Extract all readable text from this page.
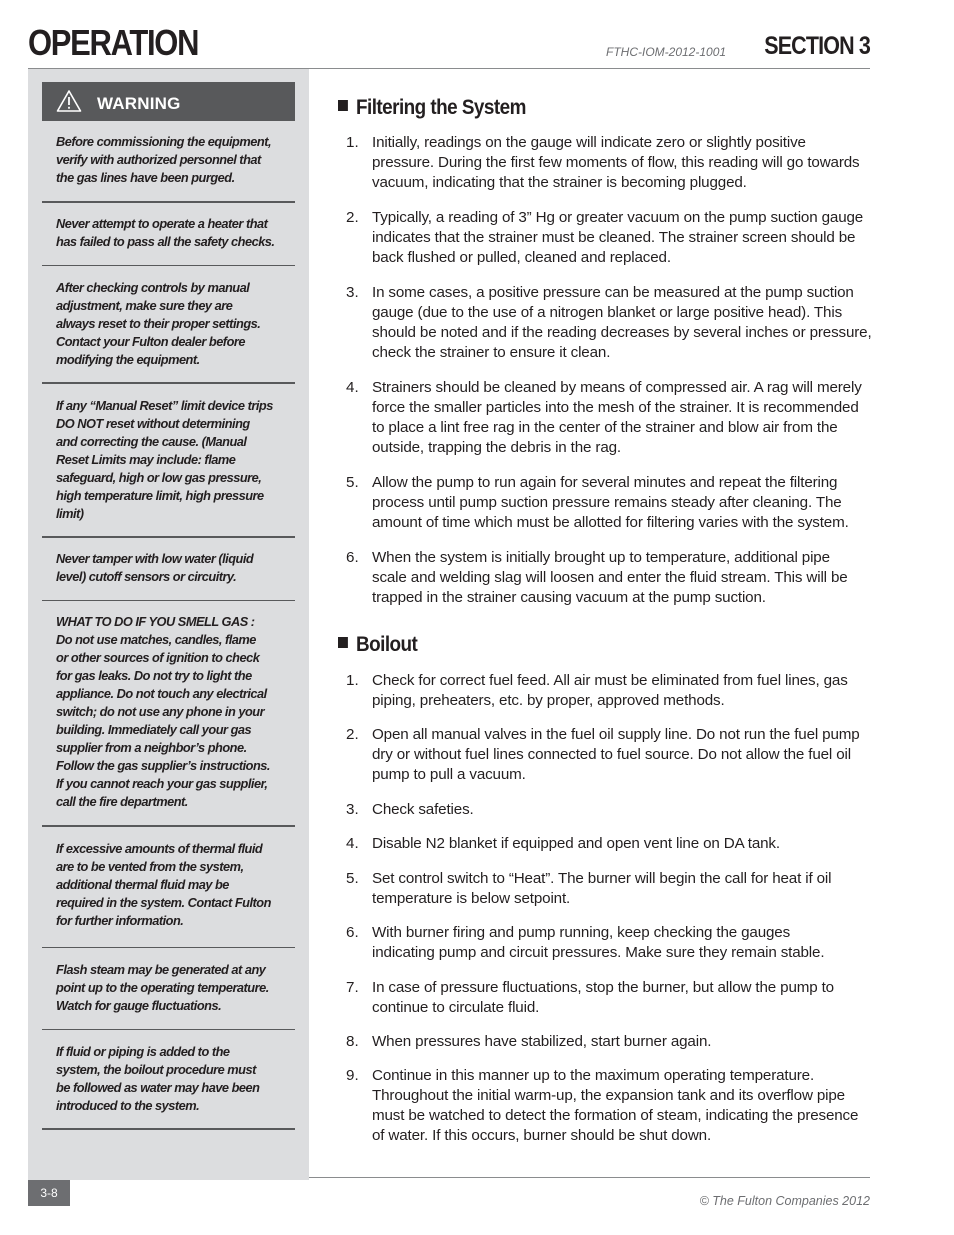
OPERATION	FTHC-IOM-2012-1001 SECTION 3
WARNING
Before commissioning the equipment,
verify with authorized personnel that
the gas lines have been purged.
Never attempt to operate a heater that
has failed to pass all the safety checks.
After checking controls by manual
adjustment, make sure they are
always reset to their proper settings.
Contact your Fulton dealer before
modifying the equipment.
If any “Manual Reset” limit device trips
DO NOT reset without determining
and correcting the cause. (Manual
Reset Limits may include: flame
safeguard, high or low gas pressure,
high temperature limit, high pressure
limit)
Never tamper with low water (liquid
level) cutoff sensors or circuitry.
WHAT TO DO IF YOU SMELL GAS :
Do not use matches, candles, flame
or other sources of ignition to check
for gas leaks. Do not try to light the
appliance. Do not touch any electrical
switch; do not use any phone in your
building. Immediately call your gas
supplier from a neighbor’s phone.
Follow the gas supplier’s instructions.
If you cannot reach your gas supplier,
call the fire department.
If excessive amounts of thermal fluid
are to be vented from the system,
additional thermal fluid may be
required in the system. Contact Fulton
for further information.
Flash steam may be generated at any
point up to the operating temperature.
Watch for gauge fluctuations.
If fluid or piping is added to the
system, the boilout procedure must
be followed as water may have been
introduced to the system.
Filtering the System
1. Initially, readings on the gauge will indicate zero or slightly positive
pressure. During the first few moments of flow, this reading will go towards
vacuum, indicating that the strainer is becoming plugged.
2. Typically, a reading of 3” Hg or greater vacuum on the pump suction gauge
indicates that the strainer must be cleaned. The strainer screen should be
back flushed or pulled, cleaned and replaced.
3. In some cases, a positive pressure can be measured at the pump suction
gauge (due to the use of a nitrogen blanket or large positive head). This
should be noted and if the reading decreases by several inches or pressure,
check the strainer to ensure it clean.
4. Strainers should be cleaned by means of compressed air. A rag will merely
force the smaller particles into the mesh of the strainer. It is recommended
to place a lint free rag in the center of the strainer and blow air from the
outside, trapping the debris in the rag.
5. Allow the pump to run again for several minutes and repeat the filtering
process until pump suction pressure remains steady after cleaning. The
amount of time which must be allotted for filtering varies with the system.
6. When the system is initially brought up to temperature, additional pipe
scale and welding slag will loosen and enter the fluid stream. This will be
trapped in the strainer causing vacuum at the pump suction.
Boilout
1. Check for correct fuel feed. All air must be eliminated from fuel lines, gas
piping, preheaters, etc. by proper, approved methods.
2. Open all manual valves in the fuel oil supply line. Do not run the fuel pump
dry or without fuel lines connected to fuel source. Do not allow the fuel oil
pump to pull a vacuum.
3. Check safeties.
4. Disable N2 blanket if equipped and open vent line on DA tank.
5. Set control switch to “Heat”. The burner will begin the call for heat if oil
temperature is below setpoint.
6. With burner firing and pump running, keep checking the gauges
indicating pump and circuit pressures. Make sure they remain stable.
7. In case of pressure fluctuations, stop the burner, but allow the pump to
continue to circulate fluid.
8. When pressures have stabilized, start burner again.
9. Continue in this manner up to the maximum operating temperature.
Throughout the initial warm-up, the expansion tank and its overflow pipe
must be watched to detect the formation of steam, indicating the presence
of water. If this occurs, burner should be shut down.
3-8
© The Fulton Companies 2012
